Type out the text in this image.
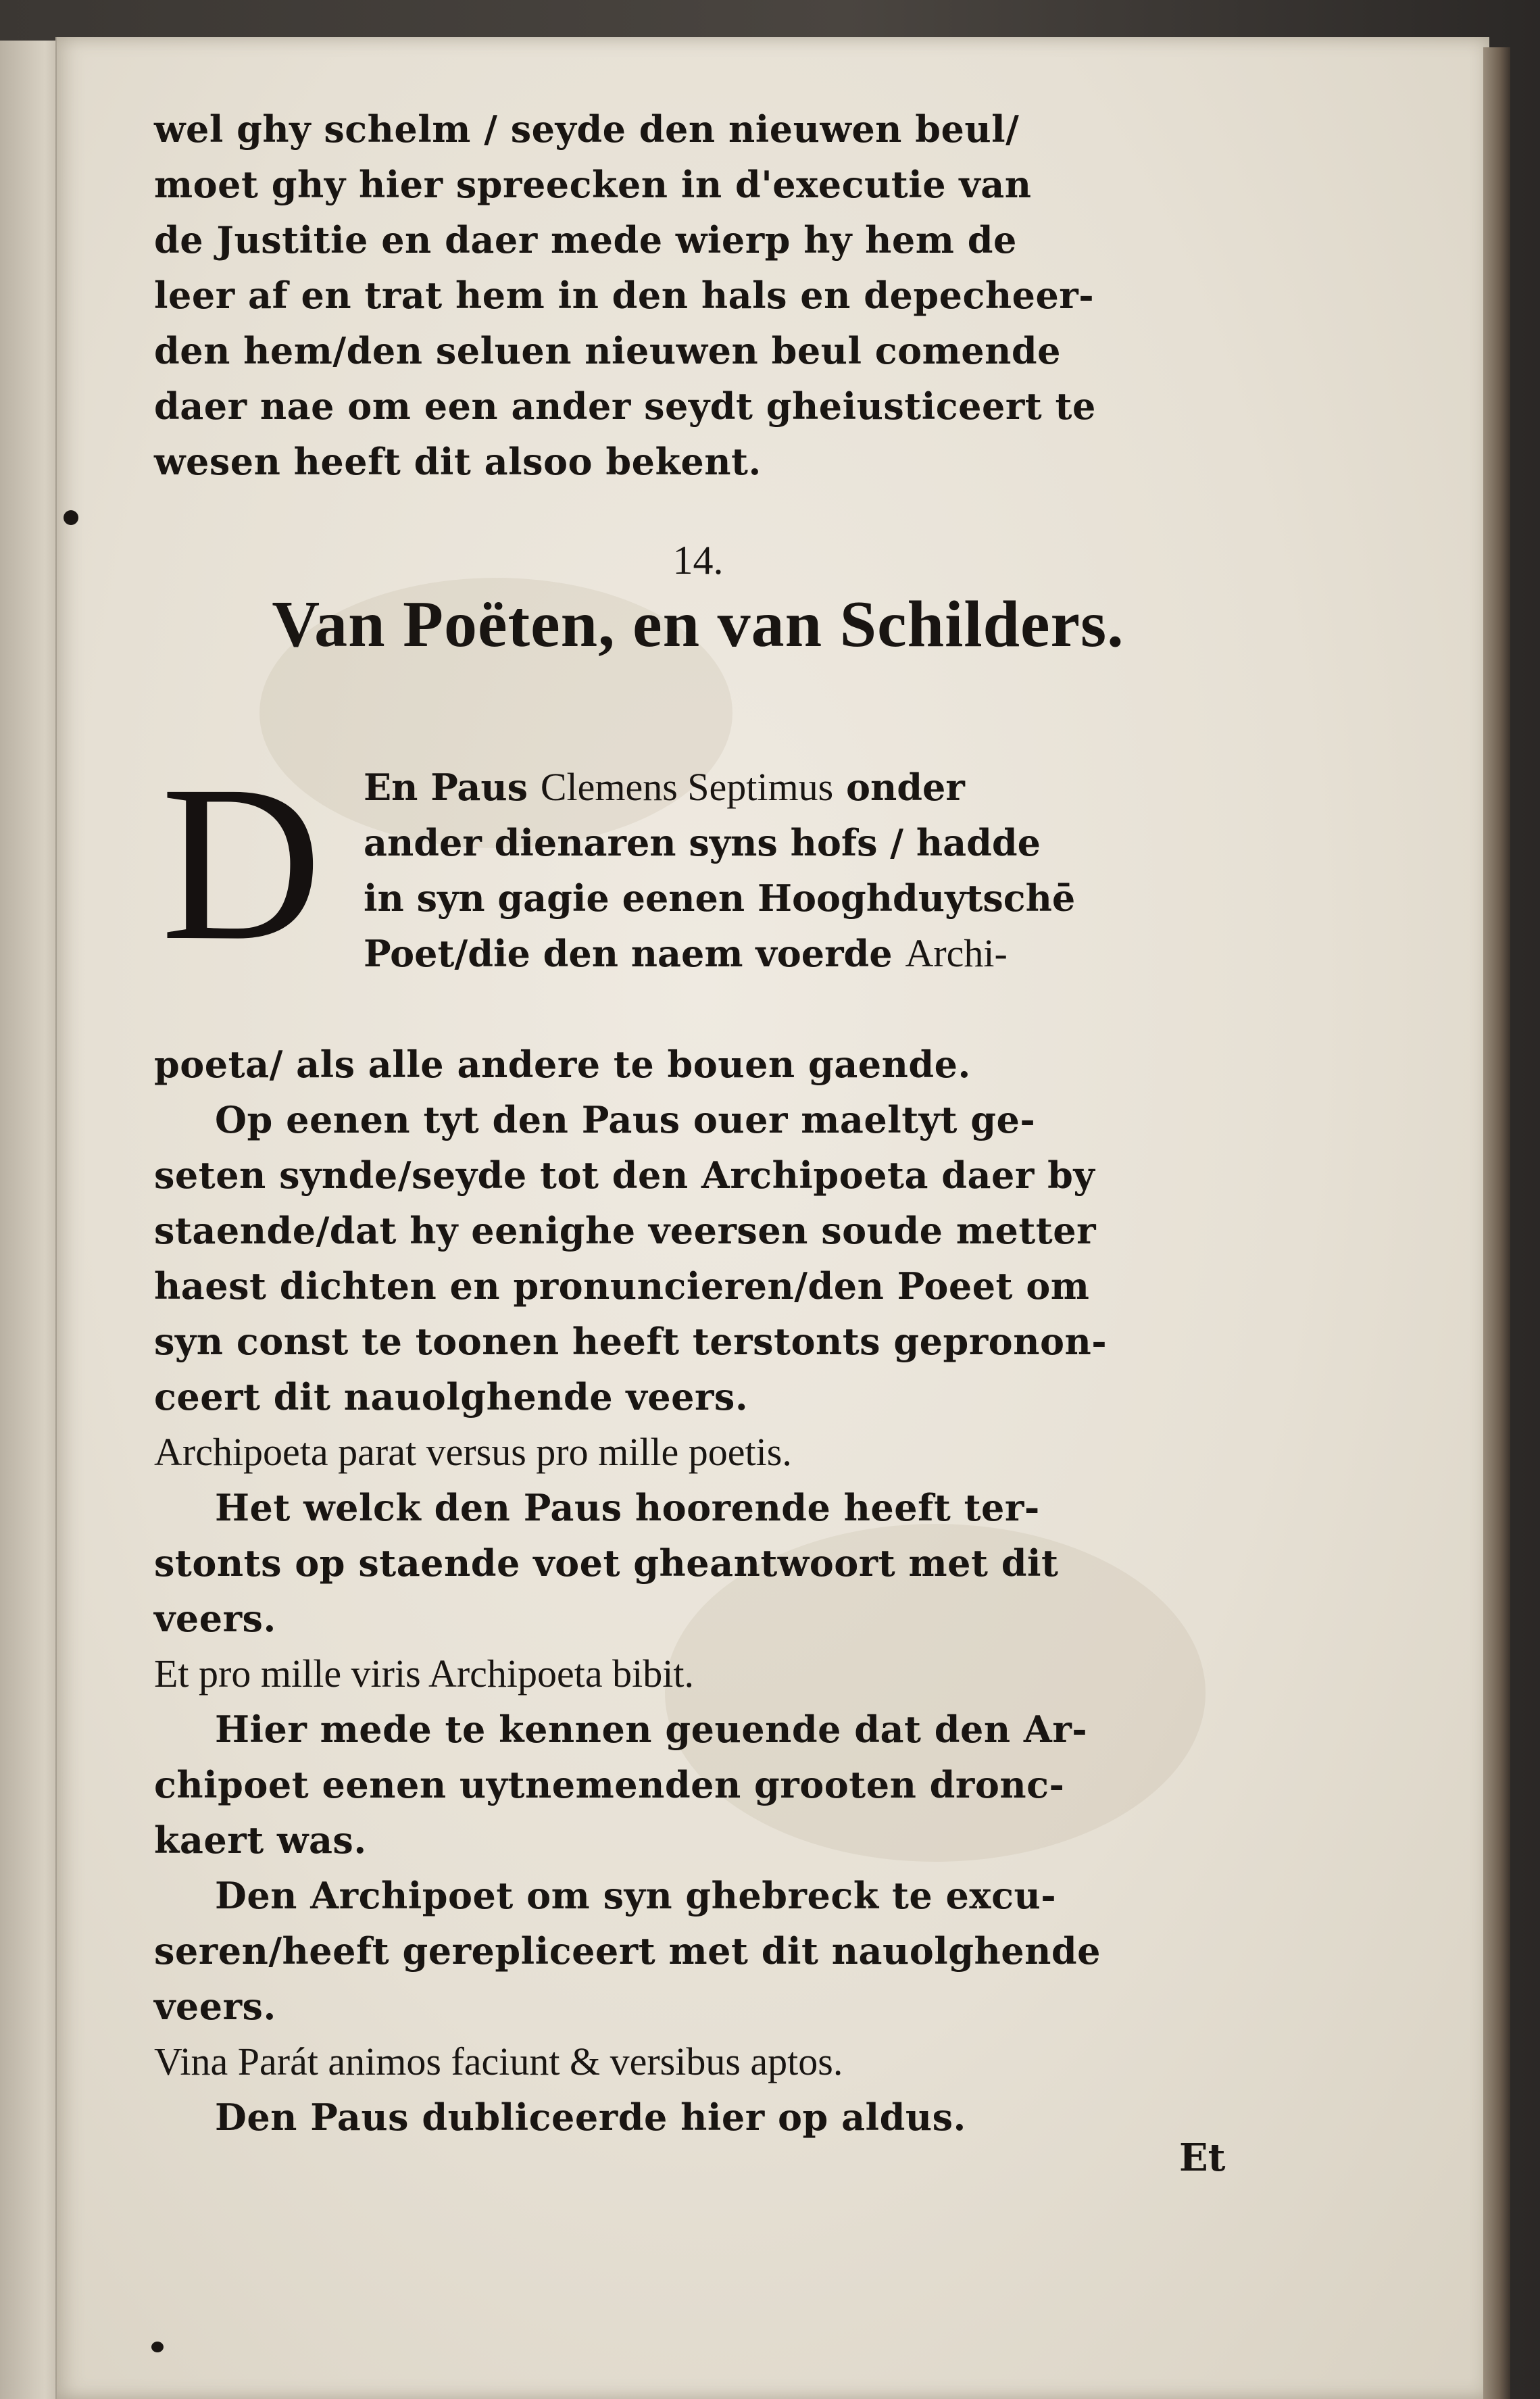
wel ghy schelm / seyde den nieuwen beul/

moet ghy hier spreecken in d'executie van

de Justitie en daer mede wierp hy hem de

leer af en trat hem in den hals en depecheer-

den hem/den seluen nieuwen beul comende

daer nae om een ander seydt gheiusticeert te

wesen heeft dit alsoo bekent.

14.

Van Poëten, en van Schilders.
D En Paus Clemens Septimus onder
ander dienaren syns hofs / hadde
in syn gagie eenen Hooghduytschē
Poet/die den naem voerde Archi-

poeta/ als alle andere te bouen gaende.

Op eenen tyt den Paus ouer maeltyt ge-

seten synde/seyde tot den Archipoeta daer by

staende/dat hy eenighe veersen soude metter

haest dichten en pronuncieren/den Poeet om

syn const te toonen heeft terstonts gepronon-

ceert dit nauolghende veers.

Archipoeta parat versus pro mille poetis.

Het welck den Paus hoorende heeft ter-

stonts op staende voet gheantwoort met dit

veers.

Et pro mille viris Archipoeta bibit.

Hier mede te kennen geuende dat den Ar-

chipoet eenen uytnemenden grooten dronc-

kaert was.

Den Archipoet om syn ghebreck te excu-

seren/heeft gerepliceert met dit nauolghende

veers.

Vina Parát animos faciunt & versibus aptos.

Den Paus dubliceerde hier op aldus.

Et
